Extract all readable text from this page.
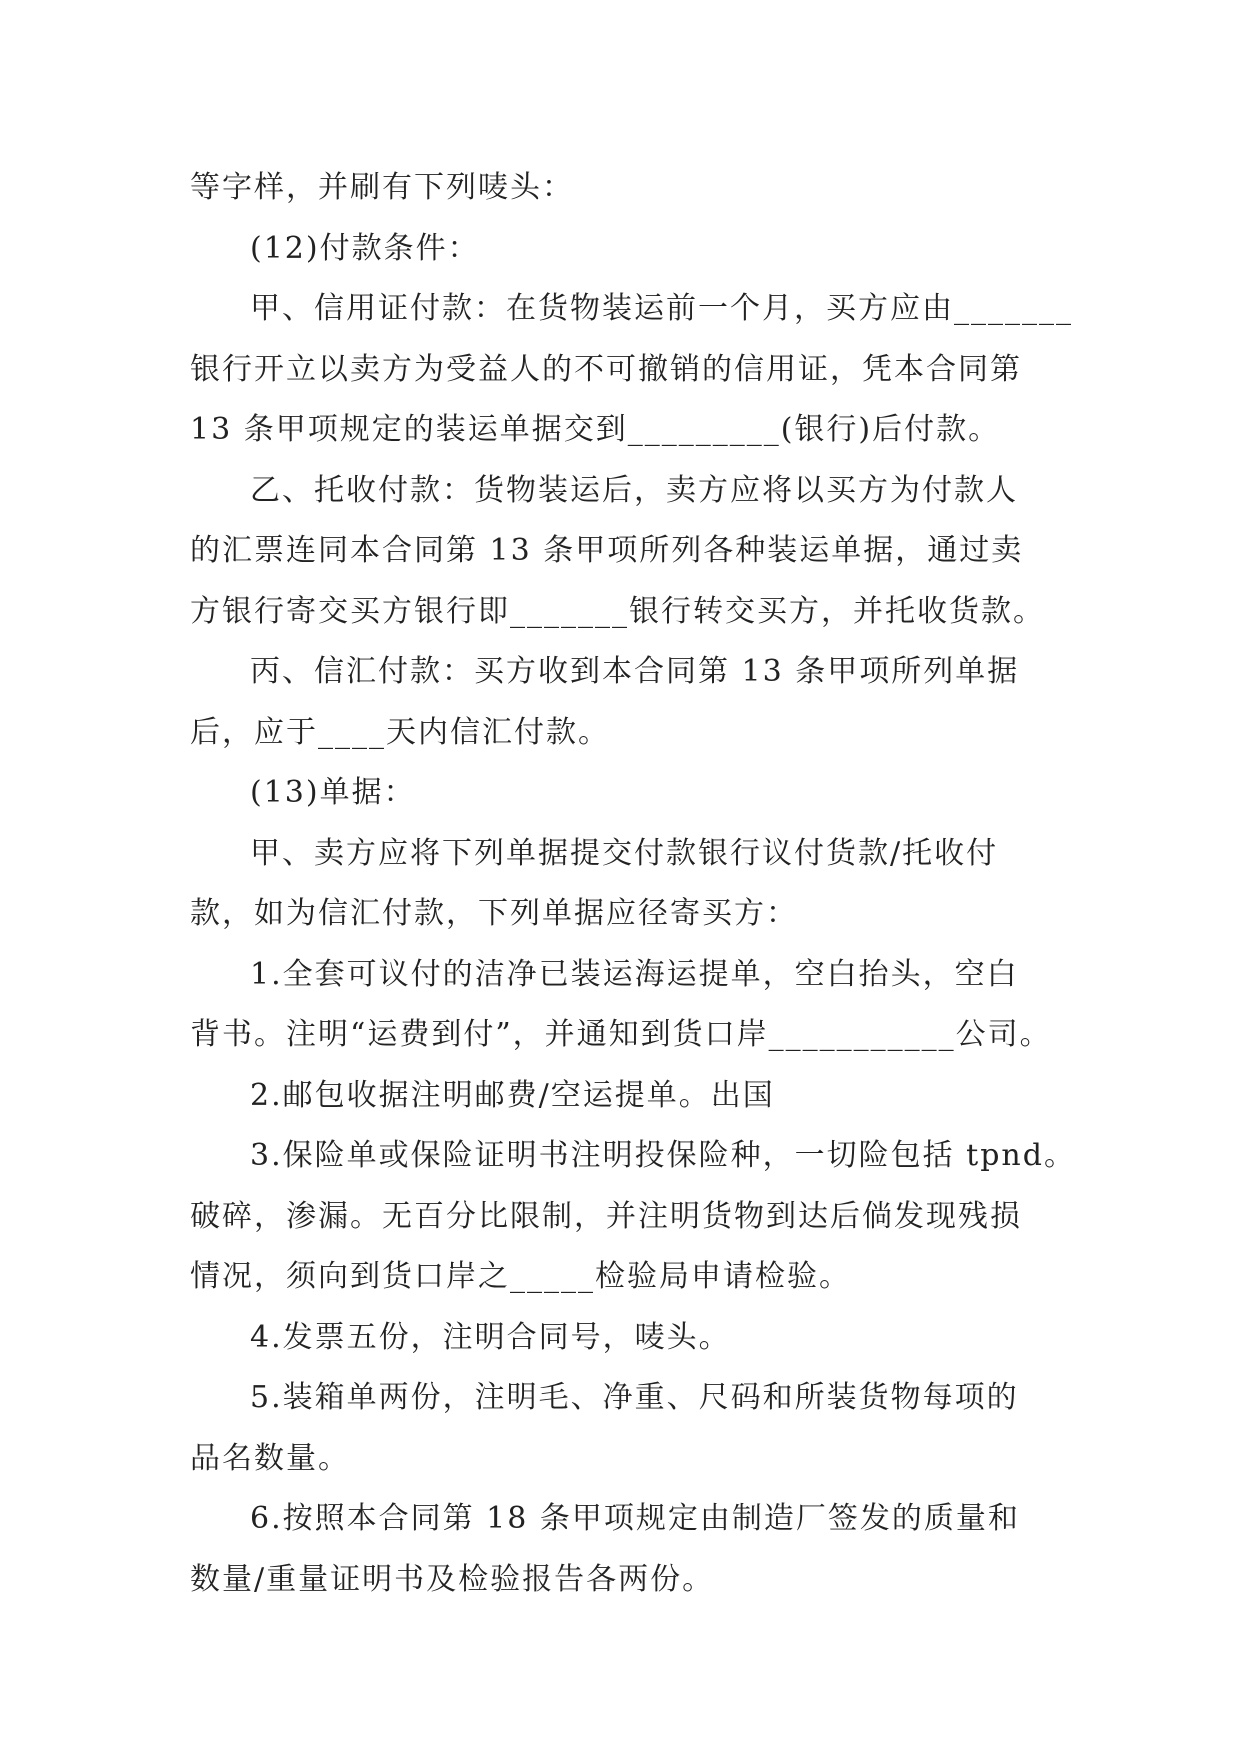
等字样，并刷有下列唛头：
(12)付款条件：
甲、信用证付款：在货物装运前一个月，买方应由_______
银行开立以卖方为受益人的不可撤销的信用证，凭本合同第
13 条甲项规定的装运单据交到_________(银行)后付款。
乙、托收付款：货物装运后，卖方应将以买方为付款人
的汇票连同本合同第 13 条甲项所列各种装运单据，通过卖
方银行寄交买方银行即_______银行转交买方，并托收货款。
丙、信汇付款：买方收到本合同第 13 条甲项所列单据
后，应于____天内信汇付款。
(13)单据：
甲、卖方应将下列单据提交付款银行议付货款/托收付
款，如为信汇付款，下列单据应径寄买方：
1.全套可议付的洁净已装运海运提单，空白抬头，空白
背书。注明“运费到付”，并通知到货口岸___________公司。
2.邮包收据注明邮费/空运提单。出国
3.保险单或保险证明书注明投保险种，一切险包括 tpnd。
破碎，渗漏。无百分比限制，并注明货物到达后倘发现残损
情况，须向到货口岸之_____检验局申请检验。
4.发票五份，注明合同号，唛头。
5.装箱单两份，注明毛、净重、尺码和所装货物每项的
品名数量。
6.按照本合同第 18 条甲项规定由制造厂签发的质量和
数量/重量证明书及检验报告各两份。
